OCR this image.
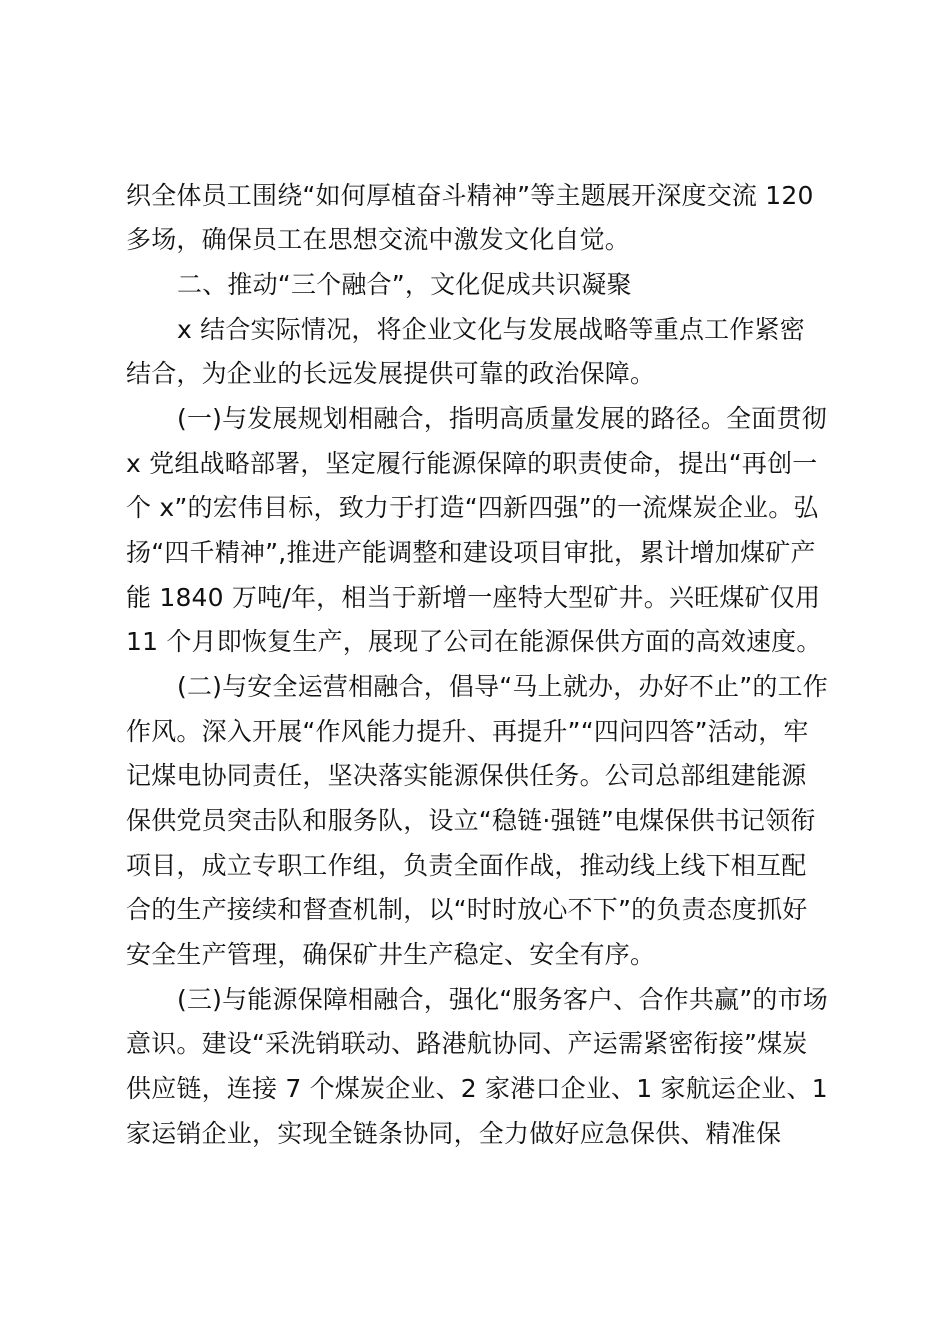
织全体员工围绕“如何厚植奋斗精神”等主题展开深度交流 120
多场，确保员工在思想交流中激发文化自觉。
二、推动“三个融合”，文化促成共识凝聚
x 结合实际情况，将企业文化与发展战略等重点工作紧密
结合，为企业的长远发展提供可靠的政治保障。
(一)与发展规划相融合，指明高质量发展的路径。全面贯彻
x 党组战略部署，坚定履行能源保障的职责使命，提出“再创一
个 x”的宏伟目标，致力于打造“四新四强”的一流煤炭企业。弘
扬“四千精神”,推进产能调整和建设项目审批，累计增加煤矿产
能 1840 万吨/年，相当于新增一座特大型矿井。兴旺煤矿仅用
11 个月即恢复生产，展现了公司在能源保供方面的高效速度。
(二)与安全运营相融合，倡导“马上就办，办好不止”的工作
作风。深入开展“作风能力提升、再提升”“四问四答”活动，牢
记煤电协同责任，坚决落实能源保供任务。公司总部组建能源
保供党员突击队和服务队，设立“稳链·强链”电煤保供书记领衔
项目，成立专职工作组，负责全面作战，推动线上线下相互配
合的生产接续和督查机制，以“时时放心不下”的负责态度抓好
安全生产管理，确保矿井生产稳定、安全有序。
(三)与能源保障相融合，强化“服务客户、合作共赢”的市场
意识。建设“采洗销联动、路港航协同、产运需紧密衔接”煤炭
供应链，连接 7 个煤炭企业、2 家港口企业、1 家航运企业、1
家运销企业，实现全链条协同，全力做好应急保供、精准保
